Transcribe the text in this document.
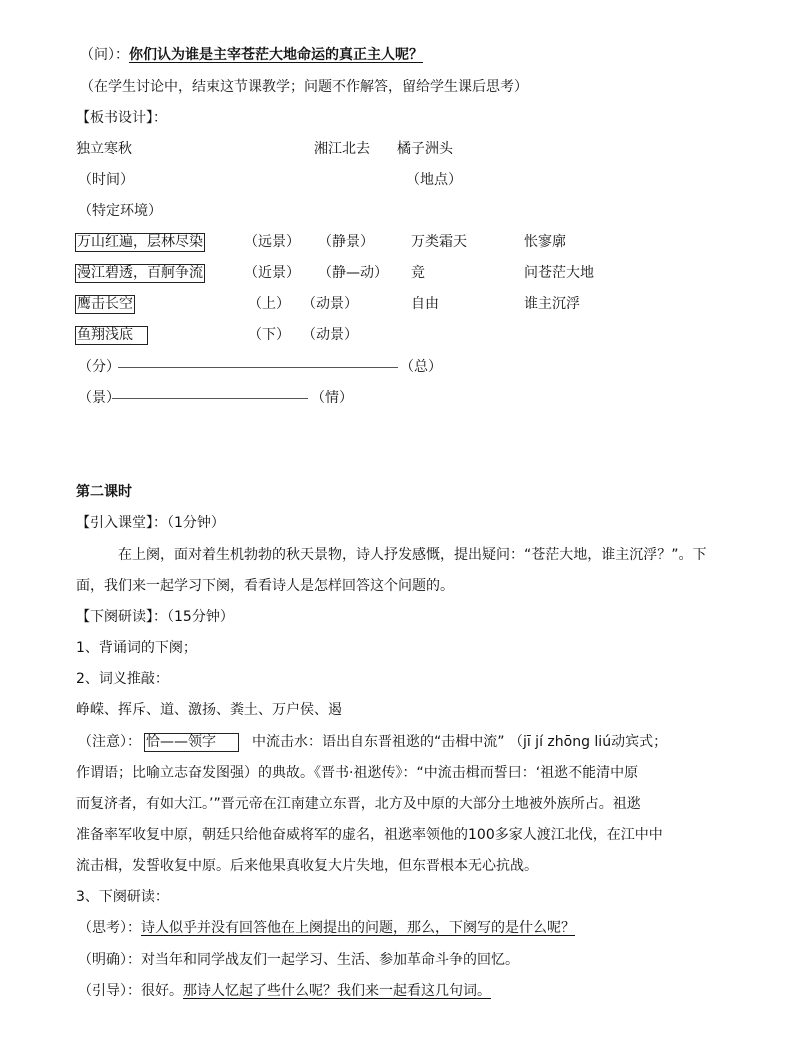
（问）：你们认为谁是主宰苍茫大地命运的真正主人呢？
（在学生讨论中，结束这节课教学；问题不作解答，留给学生课后思考）
【板书设计】：
独立寒秋	湘江北去 橘子洲头
（时间）	（地点）
（特定环境）
万山红遍，层林尽染	（远景） （静景）	万类霜天	怅寥廓
漫江碧透，百舸争流	（近景） （静—动） 竞	问苍茫大地
鹰击长空	（上） （动景）	自由	谁主沉浮
鱼翔浅底	（下） （动景）
（分）	（总）
（景）	（情）
第二课时
【引入课堂】：（1分钟）
在上阕，面对着生机勃勃的秋天景物，诗人抒发感慨，提出疑问：“苍茫大地，谁主沉浮？”。下
面，我们来一起学习下阕，看看诗人是怎样回答这个问题的。
【下阕研读】：（15分钟）
1、背诵词的下阕；
2、词义推敲：
峥嵘、挥斥、道、激扬、粪土、万户侯、遏
（注意）： 恰——领字	中流击水：语出自东晋祖逖的“击楫中流” （jī jí zhōng liú动宾式；
作谓语；比喻立志奋发图强）的典故。《晋书·祖逖传》：“中流击楫而誓曰：‘祖逖不能清中原
而复济者，有如大江。’”晋元帝在江南建立东晋，北方及中原的大部分土地被外族所占。祖逖
准备率军收复中原，朝廷只给他奋威将军的虚名，祖逖率领他的100多家人渡江北伐，在江中中
流击楫，发誓收复中原。后来他果真收复大片失地，但东晋根本无心抗战。
3、下阕研读：
（思考）：诗人似乎并没有回答他在上阕提出的问题，那么，下阕写的是什么呢？
（明确）：对当年和同学战友们一起学习、生活、参加革命斗争的回忆。
（引导）：很好。那诗人忆起了些什么呢？我们来一起看这几句词。
